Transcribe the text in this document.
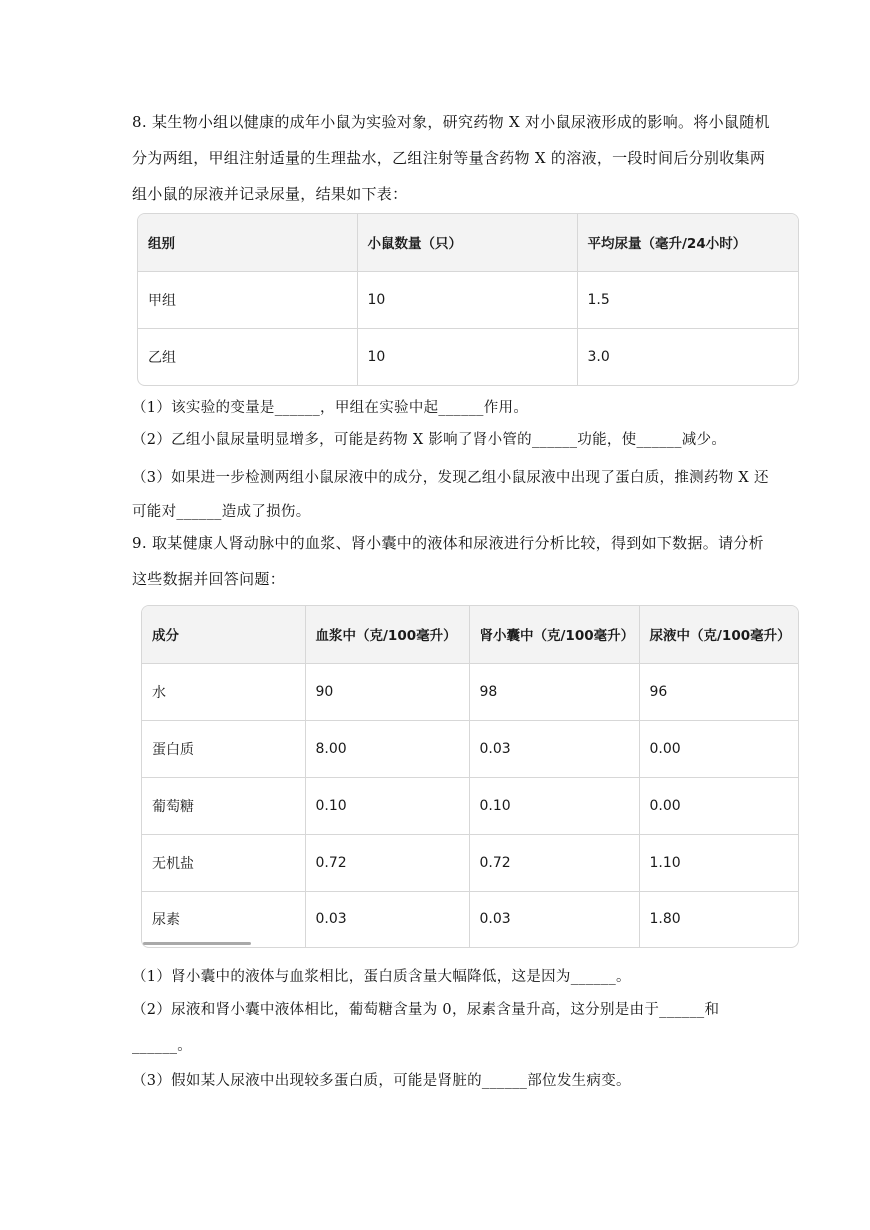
8. 某生物小组以健康的成年小鼠为实验对象，研究药物 X 对小鼠尿液形成的影响。将小鼠随机分为两组，甲组注射适量的生理盐水，乙组注射等量含药物 X 的溶液，一段时间后分别收集两组小鼠的尿液并记录尿量，结果如下表：

组别	小鼠数量（只）	平均尿量（毫升/24小时）
甲组	10	1.5
乙组	10	3.0

（1）该实验的变量是______，甲组在实验中起______作用。

（2）乙组小鼠尿量明显增多，可能是药物 X 影响了肾小管的______功能，使______减少。

（3）如果进一步检测两组小鼠尿液中的成分，发现乙组小鼠尿液中出现了蛋白质，推测药物 X 还可能对______造成了损伤。

9. 取某健康人肾动脉中的血浆、肾小囊中的液体和尿液进行分析比较，得到如下数据。请分析这些数据并回答问题：

成分	血浆中（克/100毫升）	肾小囊中（克/100毫升）	尿液中（克/100毫升）
水	90	98	96
蛋白质	8.00	0.03	0.00
葡萄糖	0.10	0.10	0.00
无机盐	0.72	0.72	1.10
尿素	0.03	0.03	1.80

（1）肾小囊中的液体与血浆相比，蛋白质含量大幅降低，这是因为______。

（2）尿液和肾小囊中液体相比，葡萄糖含量为 0，尿素含量升高，这分别是由于______和______。

（3）假如某人尿液中出现较多蛋白质，可能是肾脏的______部位发生病变。
